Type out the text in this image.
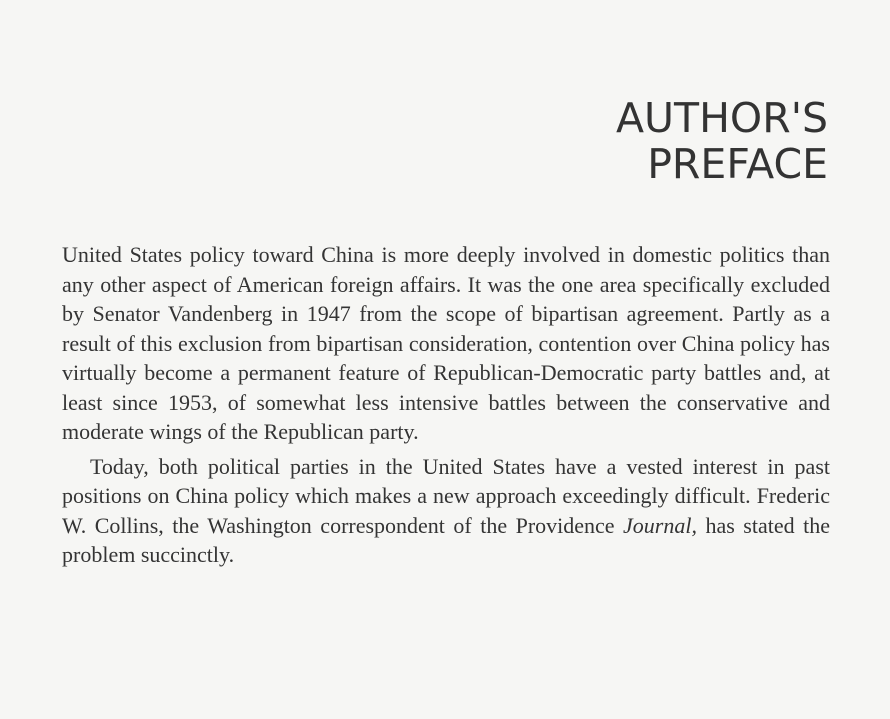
AUTHOR'S
PREFACE

United States policy toward China is more deeply involved in domestic politics than any other aspect of American foreign affairs. It was the one area specifically excluded by Senator Vandenberg in 1947 from the scope of bipartisan agreement. Partly as a result of this exclusion from bipartisan consideration, contention over China policy has virtually become a permanent feature of Republican-Democratic party battles and, at least since 1953, of somewhat less intensive battles between the conservative and moderate wings of the Republican party.

Today, both political parties in the United States have a vested interest in past positions on China policy which makes a new approach exceedingly difficult. Frederic W. Collins, the Washington correspondent of the Providence Journal, has stated the problem succinctly.
